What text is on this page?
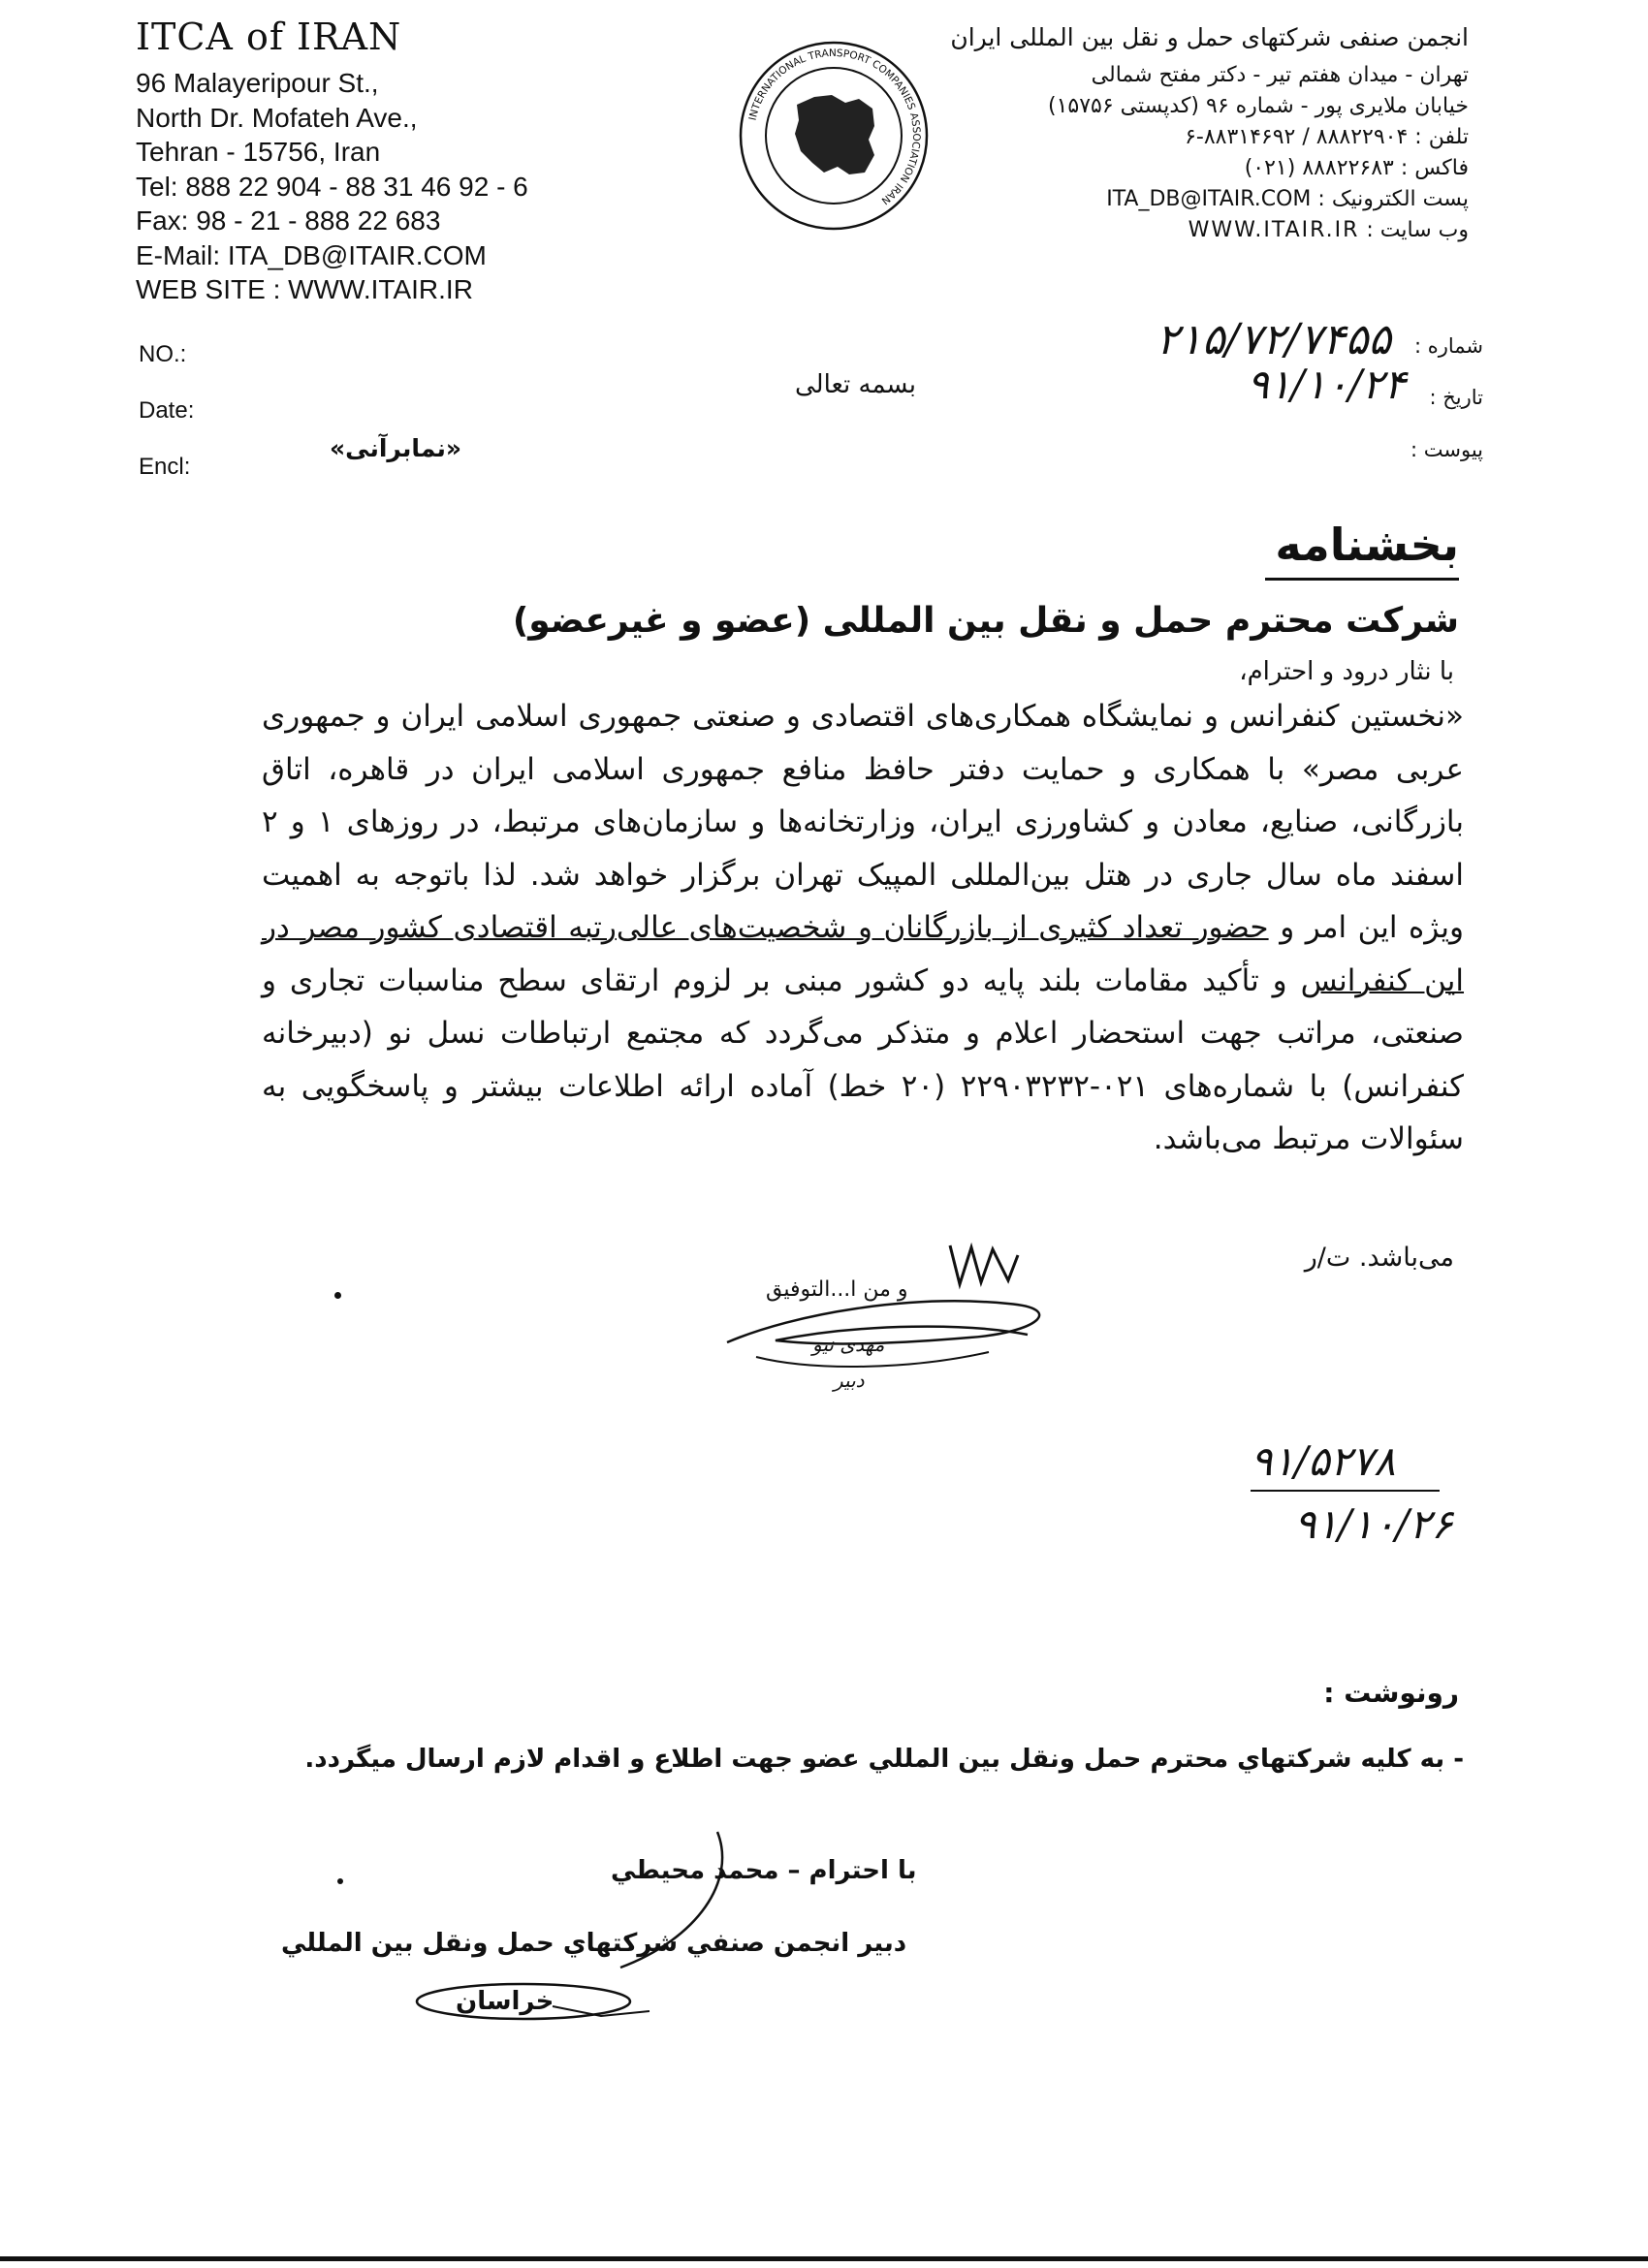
ITCA of IRAN
96 Malayeripour St.,
North Dr. Mofateh Ave.,
Tehran - 15756, Iran
Tel: 888 22 904 - 88 31 46 92 - 6
Fax: 98 - 21 - 888 22 683
E-Mail: ITA_DB@ITAIR.COM
WEB SITE : WWW.ITAIR.IR
INTERNATIONAL TRANSPORT COMPANIES ASSOCIATION IRAN
انجمن صنفی شرکتهای حمل و نقل بین المللی ایران
تهران - میدان هفتم تیر - دکتر مفتح شمالی
خیابان ملایری پور - شماره ۹۶ (کدپستی ۱۵۷۵۶)
تلفن : ۸۸۸۲۲۹۰۴ / ۸۸۳۱۴۶۹۲-۶
فاکس : ۸۸۸۲۲۶۸۳ (۰۲۱)
پست الکترونیک : ITA_DB@ITAIR.COM
وب سایت : WWW.ITAIR.IR
NO.:
Date:
Encl:
شماره :
تاریخ :
پیوست :
۲۱۵/۷۲/۷۴۵۵
۹۱/۱۰/۲۴
بسمه تعالی
«نمابرآنی»
بخشنامه
شرکت محترم حمل و نقل بین المللی (عضو و غیرعضو)
با نثار درود و احترام،
«نخستین کنفرانس و نمایشگاه همکاری‌های اقتصادی و صنعتی جمهوری اسلامی ایران و جمهوری عربی مصر» با همکاری و حمایت دفتر حافظ منافع جمهوری اسلامی ایران در قاهره، اتاق بازرگانی، صنایع، معادن و کشاورزی ایران، وزارتخانه‌ها و سازمان‌های مرتبط، در روزهای ۱ و ۲ اسفند ماه سال جاری در هتل بین‌المللی المپیک تهران برگزار خواهد شد. لذا باتوجه به اهمیت ویژه این امر و حضور تعداد کثیری از بازرگانان و شخصیت‌های عالی‌رتبه اقتصادی کشور مصر در این کنفرانس و تأکید مقامات بلند پایه دو کشور مبنی بر لزوم ارتقای سطح مناسبات تجاری و صنعتی، مراتب جهت استحضار اعلام و متذکر می‌گردد که مجتمع ارتباطات نسل نو (دبیرخانه کنفرانس) با شماره‌های ۰۲۱-۲۲۹۰۳۲۳۲ (۲۰ خط) آماده ارائه اطلاعات بیشتر و پاسخگویی به سئوالات مرتبط می‌باشد.
می‌باشد. ت/ر
و من ا...التوفیق
دبیر
مهدی نیو
۹۱/۵۲۷۸
۹۱/۱۰/۲۶
رونوشت :
- به کلیه شرکتهاي محترم حمل ونقل بين المللي عضو جهت اطلاع و اقدام لازم ارسال ميگردد.
با احترام – محمد محيطي
دبير انجمن صنفي شركتهاي حمل ونقل بين المللي
خراسان
